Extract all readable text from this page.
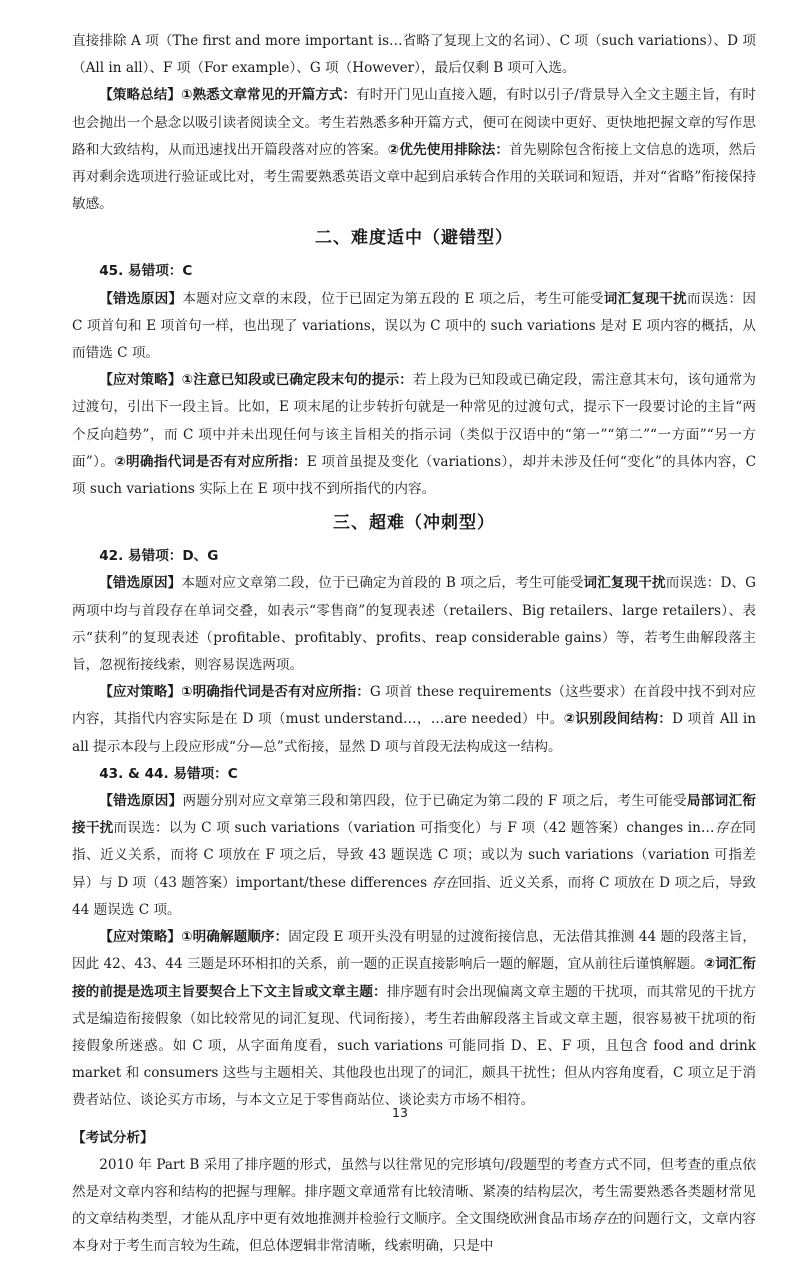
直接排除 A 项（The first and more important is…省略了复现上文的名词）、C 项（such variations）、D 项（All in all）、F 项（For example）、G 项（However），最后仅剩 B 项可入选。

【策略总结】①熟悉文章常见的开篇方式：有时开门见山直接入题，有时以引子/背景导入全文主题主旨，有时也会抛出一个悬念以吸引读者阅读全文。考生若熟悉多种开篇方式，便可在阅读中更好、更快地把握文章的写作思路和大致结构，从而迅速找出开篇段落对应的答案。②优先使用排除法：首先剔除包含衔接上文信息的选项，然后再对剩余选项进行验证或比对，考生需要熟悉英语文章中起到启承转合作用的关联词和短语，并对“省略”衔接保持敏感。

二、难度适中（避错型）
45. 易错项：C

【错选原因】本题对应文章的末段，位于已固定为第五段的 E 项之后，考生可能受词汇复现干扰而误选：因 C 项首句和 E 项首句一样，也出现了 variations，误以为 C 项中的 such variations 是对 E 项内容的概括，从而错选 C 项。

【应对策略】①注意已知段或已确定段末句的提示：若上段为已知段或已确定段，需注意其末句，该句通常为过渡句，引出下一段主旨。比如，E 项末尾的让步转折句就是一种常见的过渡句式，提示下一段要讨论的主旨“两个反向趋势”，而 C 项中并未出现任何与该主旨相关的指示词（类似于汉语中的“第一”“第二”“一方面”“另一方面”）。②明确指代词是否有对应所指：E 项首虽提及变化（variations），却并未涉及任何“变化”的具体内容，C 项 such variations 实际上在 E 项中找不到所指代的内容。

三、超难（冲刺型）
42. 易错项：D、G

【错选原因】本题对应文章第二段，位于已确定为首段的 B 项之后，考生可能受词汇复现干扰而误选：D、G 两项中均与首段存在单词交叠，如表示“零售商”的复现表述（retailers、Big retailers、large retailers）、表示“获利”的复现表述（profitable、profitably、profits、reap considerable gains）等，若考生曲解段落主旨，忽视衔接线索，则容易误选两项。

【应对策略】①明确指代词是否有对应所指：G 项首 these requirements（这些要求）在首段中找不到对应内容，其指代内容实际是在 D 项（must understand…，…are needed）中。②识别段间结构：D 项首 All in all 提示本段与上段应形成“分—总”式衔接，显然 D 项与首段无法构成这一结构。

43. & 44. 易错项：C

【错选原因】两题分别对应文章第三段和第四段，位于已确定为第二段的 F 项之后，考生可能受局部词汇衔接干扰而误选：以为 C 项 such variations（variation 可指变化）与 F 项（42 题答案）changes in…存在同指、近义关系，而将 C 项放在 F 项之后，导致 43 题误选 C 项；或以为 such variations（variation 可指差异）与 D 项（43 题答案）important/these differences 存在回指、近义关系，而将 C 项放在 D 项之后，导致 44 题误选 C 项。

【应对策略】①明确解题顺序：固定段 E 项开头没有明显的过渡衔接信息，无法借其推测 44 题的段落主旨，因此 42、43、44 三题是环环相扣的关系，前一题的正误直接影响后一题的解题，宜从前往后谨慎解题。②词汇衔接的前提是选项主旨要契合上下文主旨或文章主题：排序题有时会出现偏离文章主题的干扰项，而其常见的干扰方式是编造衔接假象（如比较常见的词汇复现、代词衔接），考生若曲解段落主旨或文章主题，很容易被干扰项的衔接假象所迷惑。如 C 项，从字面角度看，such variations 可能同指 D、E、F 项，且包含 food and drink market 和 consumers 这些与主题相关、其他段也出现了的词汇，颇具干扰性；但从内容角度看，C 项立足于消费者站位、谈论买方市场，与本文立足于零售商站位、谈论卖方市场不相符。

【考试分析】

2010 年 Part B 采用了排序题的形式，虽然与以往常见的完形填句/段题型的考查方式不同，但考查的重点依然是对文章内容和结构的把握与理解。排序题文章通常有比较清晰、紧凑的结构层次，考生需要熟悉各类题材常见的文章结构类型，才能从乱序中更有效地推测并检验行文顺序。全文围绕欧洲食品市场存在的问题行文，文章内容本身对于考生而言较为生疏，但总体逻辑非常清晰，线索明确，只是中

13
